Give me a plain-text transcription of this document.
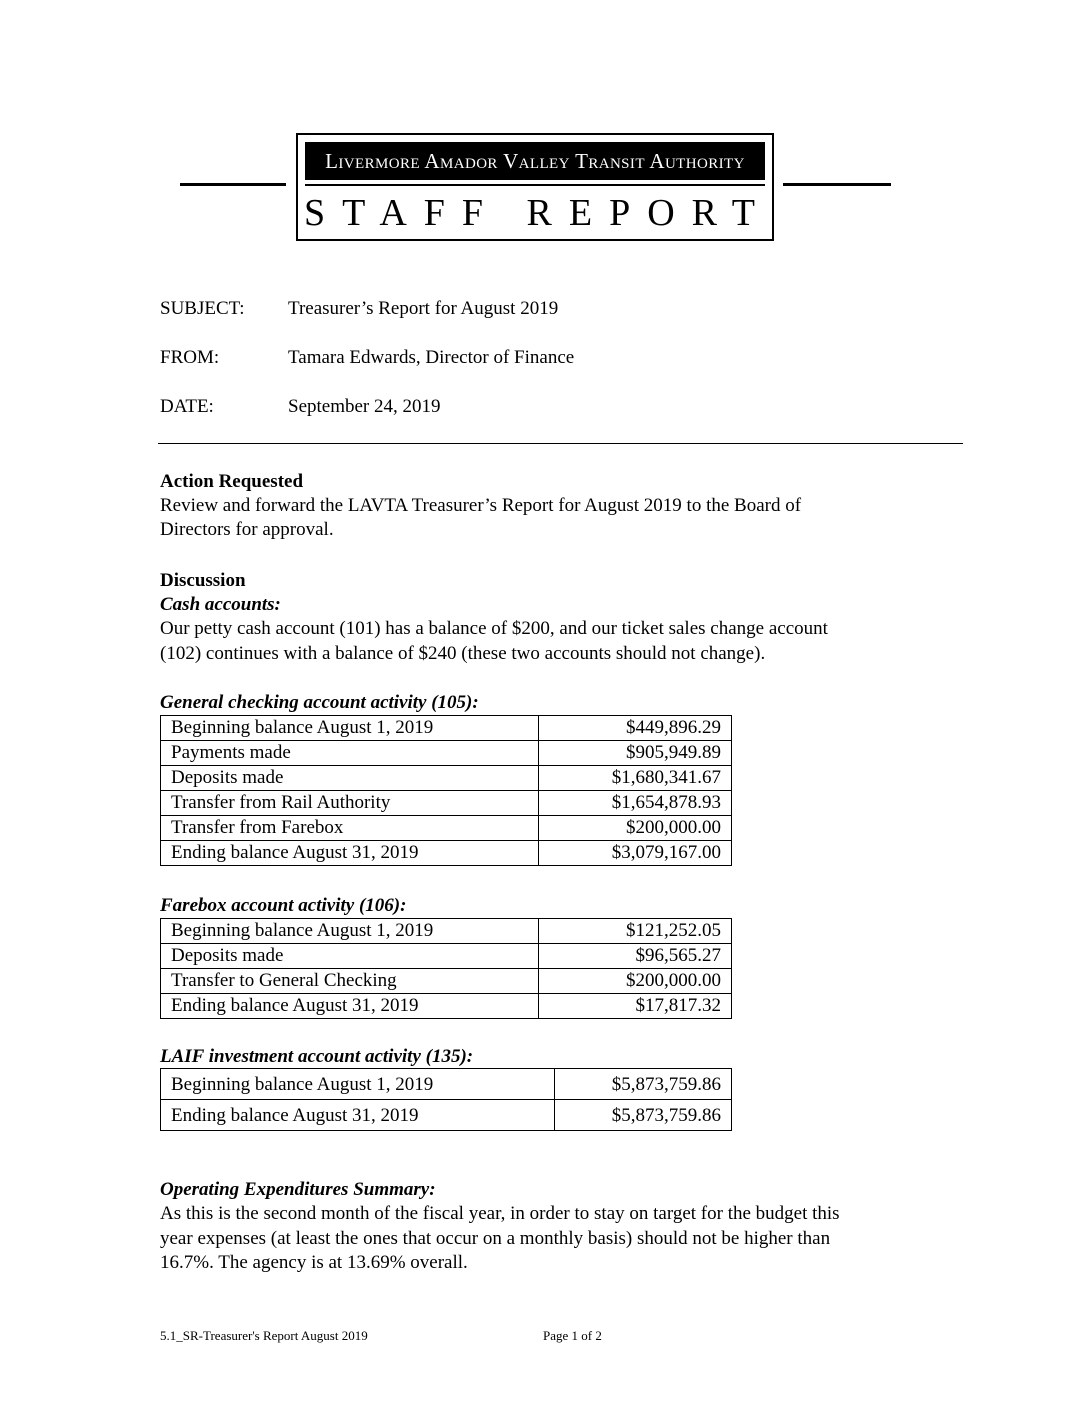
Livermore Amador Valley Transit Authority
STAFF REPORT
SUBJECT: Treasurer’s Report for August 2019
FROM:	Tamara Edwards, Director of Finance
DATE:	September 24, 2019
Action Requested
Review and forward the LAVTA Treasurer’s Report for August 2019 to the Board of
Directors for approval.
Discussion
Cash accounts:
Our petty cash account (101) has a balance of $200, and our ticket sales change account
(102) continues with a balance of $240 (these two accounts should not change).
General checking account activity (105):
Beginning balance August 1, 2019	$449,896.29
Payments made	$905,949.89
Deposits made	$1,680,341.67
Transfer from Rail Authority	$1,654,878.93
Transfer from Farebox	$200,000.00
Ending balance August 31, 2019	$3,079,167.00
Farebox account activity (106):
Beginning balance August 1, 2019	$121,252.05
Deposits made	$96,565.27
Transfer to General Checking	$200,000.00
Ending balance August 31, 2019	$17,817.32
LAIF investment account activity (135):
Beginning balance August 1, 2019	$5,873,759.86
Ending balance August 31, 2019	$5,873,759.86
Operating Expenditures Summary:
As this is the second month of the fiscal year, in order to stay on target for the budget this
year expenses (at least the ones that occur on a monthly basis) should not be higher than
16.7%. The agency is at 13.69% overall.
5.1_SR-Treasurer's Report August 2019	Page 1 of 2
